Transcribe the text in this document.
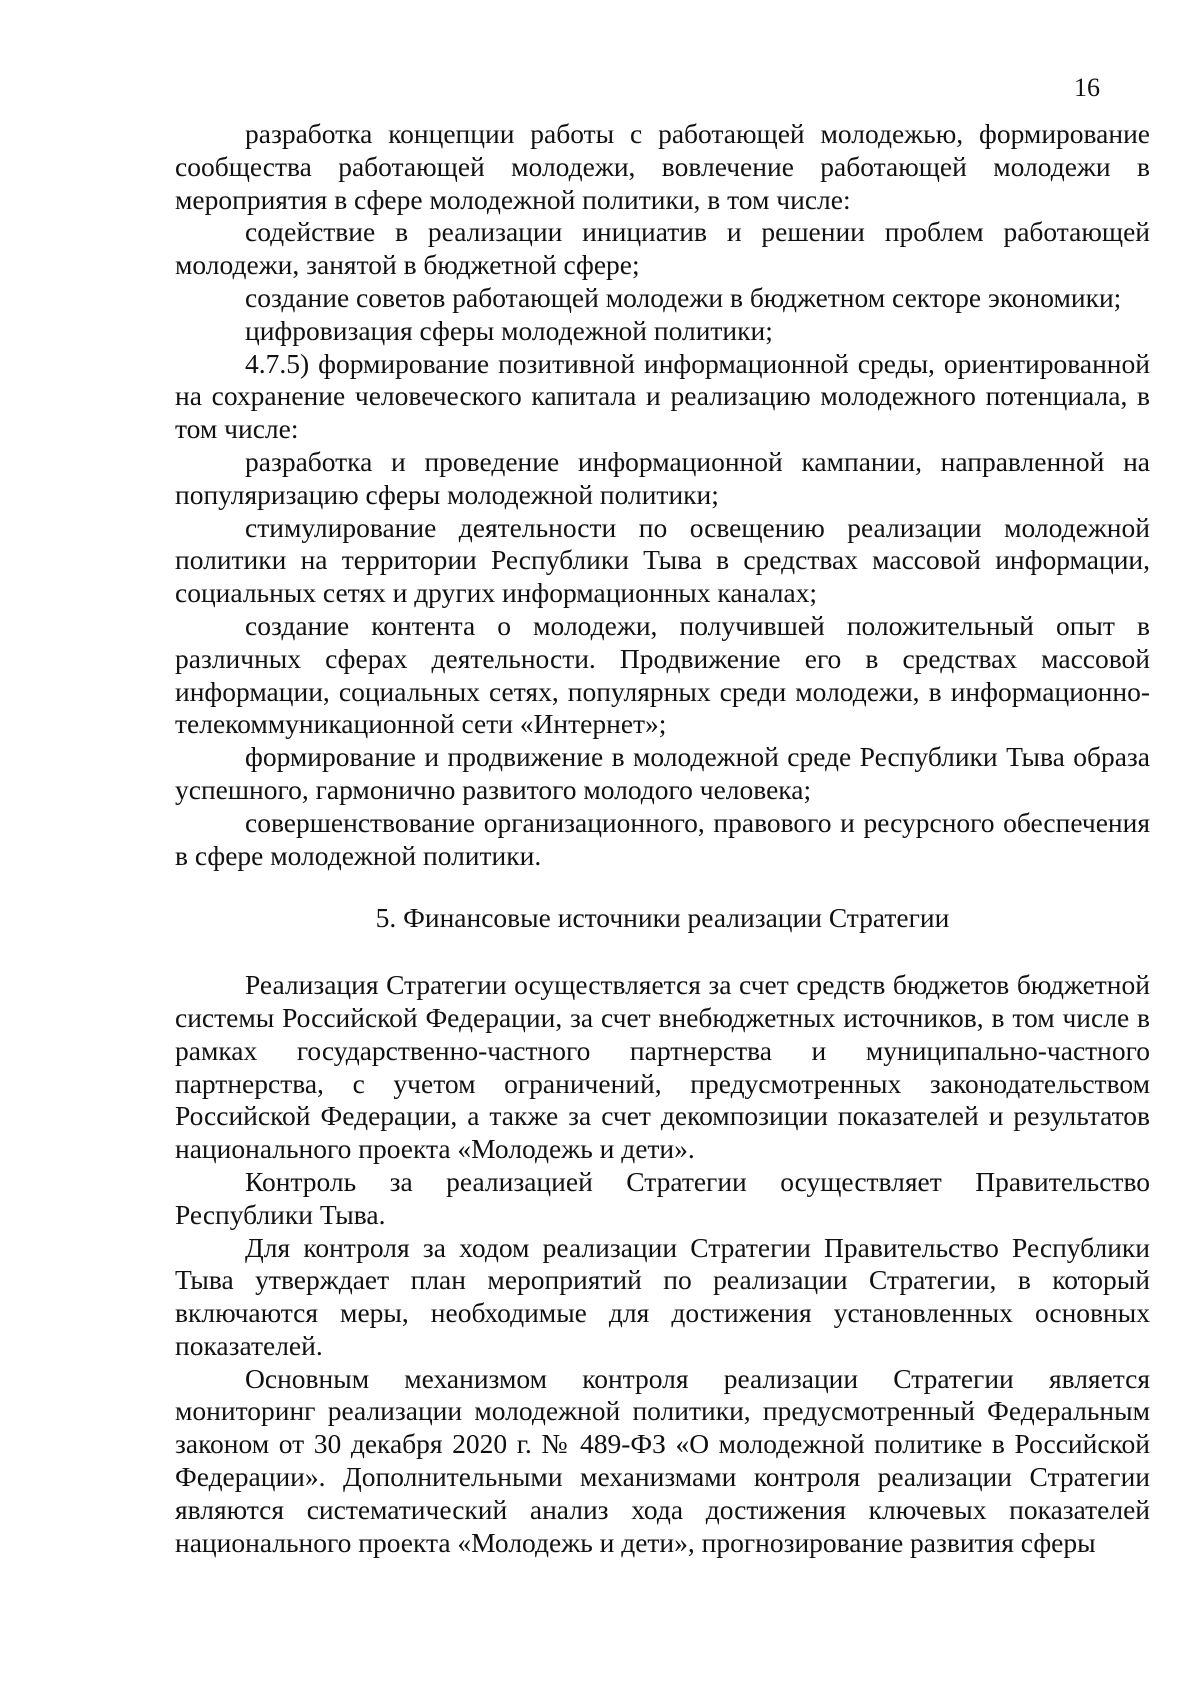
16

разработка концепции работы с работающей молодежью, формирование сообщества работающей молодежи, вовлечение работающей молодежи в мероприятия в сфере молодежной политики, в том числе:

содействие в реализации инициатив и решении проблем работающей молодежи, занятой в бюджетной сфере;

создание советов работающей молодежи в бюджетном секторе экономики;

цифровизация сферы молодежной политики;

4.7.5) формирование позитивной информационной среды, ориентированной на сохранение человеческого капитала и реализацию молодежного потенциала, в том числе:

разработка и проведение информационной кампании, направленной на популяризацию сферы молодежной политики;

стимулирование деятельности по освещению реализации молодежной политики на территории Республики Тыва в средствах массовой информации, социальных сетях и других информационных каналах;

создание контента о молодежи, получившей положительный опыт в различных сферах деятельности. Продвижение его в средствах массовой информации, социальных сетях, популярных среди молодежи, в информационно- телекоммуникационной сети «Интернет»;

формирование и продвижение в молодежной среде Республики Тыва образа успешного, гармонично развитого молодого человека;

совершенствование организационного, правового и ресурсного обеспечения в сфере молодежной политики.

5. Финансовые источники реализации Стратегии

Реализация Стратегии осуществляется за счет средств бюджетов бюджетной системы Российской Федерации, за счет внебюджетных источников, в том числе в рамках государственно-частного партнерства и муниципально-частного партнерства, с учетом ограничений, предусмотренных законодательством Российской Федерации, а также за счет декомпозиции показателей и результатов национального проекта «Молодежь и дети».

Контроль за реализацией Стратегии осуществляет Правительство Республики Тыва.

Для контроля за ходом реализации Стратегии Правительство Республики Тыва утверждает план мероприятий по реализации Стратегии, в который включаются меры, необходимые для достижения установленных основных показателей.

Основным механизмом контроля реализации Стратегии является мониторинг реализации молодежной политики, предусмотренный Федеральным законом от 30 декабря 2020 г. № 489-ФЗ «О молодежной политике в Российской Федерации». Дополнительными механизмами контроля реализации Стратегии являются систематический анализ хода достижения ключевых показателей национального проекта «Молодежь и дети», прогнозирование развития сферы
